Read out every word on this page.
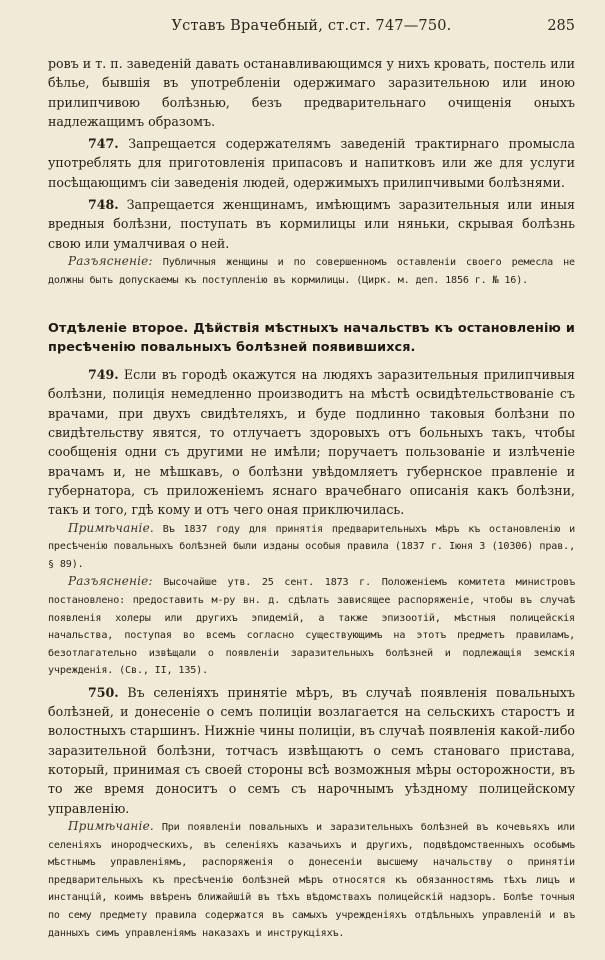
Уставъ Врачебный, ст.ст. 747—750.	285

ровъ и т. п. заведеній давать останавливающимся у нихъ кровать, постель или бѣлье, бывшія въ употребленіи одержимаго заразительною или иною прилипчивою болѣзнью, безъ предварительнаго очищенія оныхъ надлежащимъ образомъ.

747. Запрещается содержателямъ заведеній трактирнаго промысла употреблять для приготовленія припасовъ и напитковъ или же для услуги посѣщающимъ сіи заведенія людей, одержимыхъ прилипчивыми болѣзнями.

748. Запрещается женщинамъ, имѣющимъ заразительныя или иныя вредныя болѣзни, поступать въ кормилицы или няньки, скрывая болѣзнь свою или умалчивая о ней.

Разъясненіе: Публичныя женщины и по совершенномъ оставленіи своего ремесла не должны быть допускаемы къ поступленію въ кормилицы. (Цирк. м. деп. 1856 г. № 16).

Отдѣленіе второе. Дѣйствія мѣстныхъ начальствъ къ остановленію и пресѣченію повальныхъ болѣзней появившихся.

749. Если въ городѣ окажутся на людяхъ заразительныя прилипчивыя болѣзни, полиція немедленно производитъ на мѣстѣ освидѣтельствованіе съ врачами, при двухъ свидѣтеляхъ, и буде подлинно таковыя болѣзни по свидѣтельству явятся, то отлучаетъ здоровыхъ отъ больныхъ такъ, чтобы сообщенія одни съ другими не имѣли; поручаетъ пользованіе и излѣченіе врачамъ и, не мѣшкавъ, о болѣзни увѣдомляетъ губернское правленіе и губернатора, съ приложеніемъ яснаго врачебнаго описанія какъ болѣзни, такъ и того, гдѣ кому и отъ чего оная приключилась.

Примѣчаніе. Въ 1837 году для принятія предварительныхъ мѣръ къ остановленію и пресѣченію повальныхъ болѣзней были изданы особыя правила (1837 г. Іюня 3 (10306) прав., § 89).

Разъясненіе: Высочайше утв. 25 сент. 1873 г. Положеніемъ комитета министровъ постановлено: предоставить м-ру вн. д. сдѣлать зависящее распоряженіе, чтобы въ случаѣ появленія холеры или другихъ эпидемій, а также эпизоотій, мѣстныя полицейскія начальства, поступая во всемъ согласно существующимъ на этотъ предметъ правиламъ, безотлагательно извѣщали о появленіи заразительныхъ болѣзней и подлежащія земскія учрежденія. (Св., II, 135).

750. Въ селеніяхъ принятіе мѣръ, въ случаѣ появленія повальныхъ болѣзней, и донесеніе о семъ полиціи возлагается на сельскихъ старостъ и волостныхъ старшинъ. Нижніе чины полиціи, въ случаѣ появленія какой-либо заразительной болѣзни, тотчасъ извѣщаютъ о семъ становаго пристава, который, принимая съ своей стороны всѣ возможныя мѣры осторожности, въ то же время доноситъ о семъ съ нарочнымъ уѣздному полицейскому управленію.

Примѣчаніе. При появленіи повальныхъ и заразительныхъ болѣзней въ кочевьяхъ или селеніяхъ инородческихъ, въ селеніяхъ казачьихъ и другихъ, подвѣдомственныхъ особымъ мѣстнымъ управленіямъ, распоряженія о донесеніи высшему начальству о принятіи предварительныхъ къ пресѣченію болѣзней мѣръ относятся къ обязанностямъ тѣхъ лицъ и инстанцій, коимъ ввѣренъ ближайшій въ тѣхъ вѣдомствахъ полицейскій надзоръ. Болѣе точныя по сему предмету правила содержатся въ самыхъ учрежденіяхъ отдѣльныхъ управленій и въ данныхъ симъ управленіямъ наказахъ и инструкціяхъ.
